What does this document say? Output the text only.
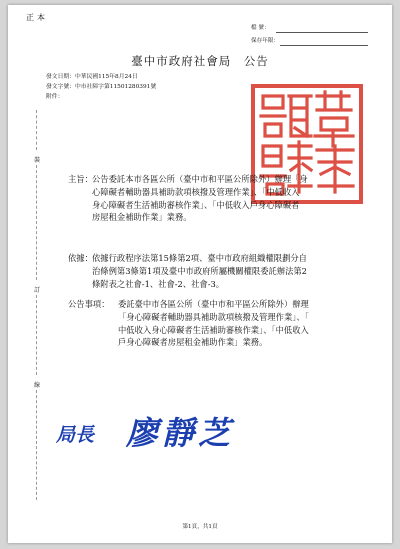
正本
檔 號：
保存年限：
臺中市政府社會局　公告
發文日期：中華民國115年8月24日
發文字號：中市社障字第11501280391號
附件：
裝
訂
線
主旨： 公告委託本市各區公所（臺中市和平區公所除外）辦理「身
心障礙者輔助器具補助款項核撥及管理作業」、「中低收入
身心障礙者生活補助審核作業」、「中低收入戶身心障礙者
房屋租金補助作業」業務。
依據： 依據行政程序法第15條第2項、臺中市政府組織權限劃分自
治條例第3條第1項及臺中市政府所屬機關權限委託辦法第2
條附表之社會-1、社會-2、社會-3。
公告事項：	委託臺中市各區公所（臺中市和平區公所除外）辦理
「身心障礙者輔助器具補助款項核撥及管理作業」、「
中低收入身心障礙者生活補助審核作業」、「中低收入
戶身心障礙者房屋租金補助作業」業務。
局長 廖靜芝
第1頁，共1頁
